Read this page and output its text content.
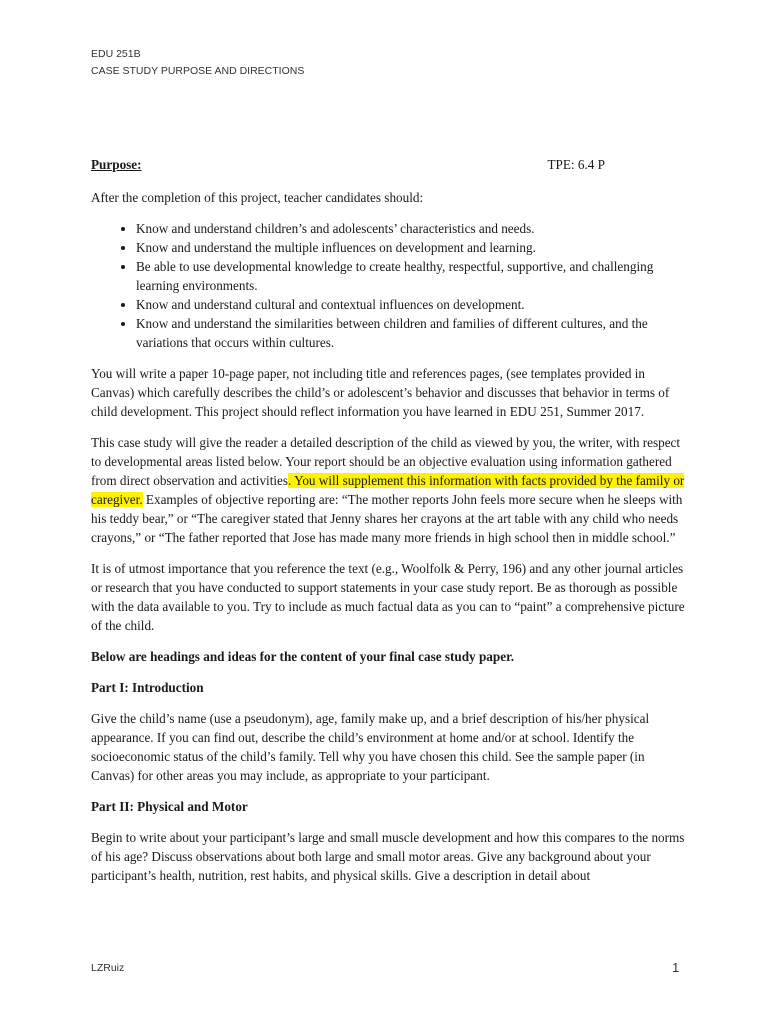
EDU 251B
CASE STUDY PURPOSE AND DIRECTIONS
Purpose:	TPE: 6.4 P

After the completion of this project, teacher candidates should:

• Know and understand children’s and adolescents’ characteristics and needs.
• Know and understand the multiple influences on development and learning.
• Be able to use developmental knowledge to create healthy, respectful, supportive, and challenging learning environments.
• Know and understand cultural and contextual influences on development.
• Know and understand the similarities between children and families of different cultures, and the variations that occurs within cultures.

You will write a paper 10-page paper, not including title and references pages, (see templates provided in Canvas) which carefully describes the child’s or adolescent’s behavior and discusses that behavior in terms of child development. This project should reflect information you have learned in EDU 251, Summer 2017.

This case study will give the reader a detailed description of the child as viewed by you, the writer, with respect to developmental areas listed below. Your report should be an objective evaluation using information gathered from direct observation and activities. You will supplement this information with facts provided by the family or caregiver. Examples of objective reporting are: “The mother reports John feels more secure when he sleeps with his teddy bear,” or “The caregiver stated that Jenny shares her crayons at the art table with any child who needs crayons,” or “The father reported that Jose has made many more friends in high school then in middle school.”

It is of utmost importance that you reference the text (e.g., Woolfolk & Perry, 196) and any other journal articles or research that you have conducted to support statements in your case study report. Be as thorough as possible with the data available to you. Try to include as much factual data as you can to “paint” a comprehensive picture of the child.

Below are headings and ideas for the content of your final case study paper.

Part I: Introduction

Give the child’s name (use a pseudonym), age, family make up, and a brief description of his/her physical appearance. If you can find out, describe the child’s environment at home and/or at school. Identify the socioeconomic status of the child’s family. Tell why you have chosen this child. See the sample paper (in Canvas) for other areas you may include, as appropriate to your participant.

Part II: Physical and Motor

Begin to write about your participant’s large and small muscle development and how this compares to the norms of his age? Discuss observations about both large and small motor areas. Give any background about your participant’s health, nutrition, rest habits, and physical skills. Give a description in detail about

LZRuiz	1
